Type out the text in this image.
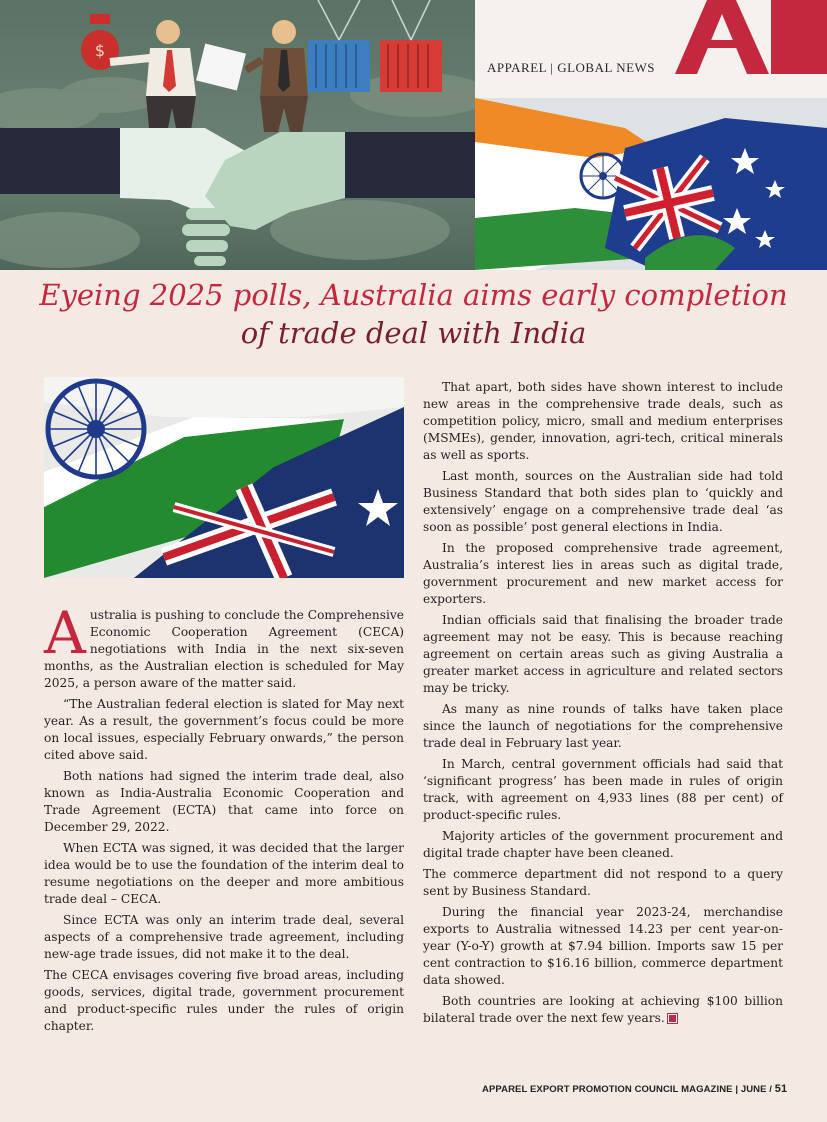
$
APPAREL | GLOBAL NEWS
Eyeing 2025 polls, Australia aims early completion
of trade deal with India

Australia is pushing to conclude the Comprehensive Economic Cooperation Agreement (CECA) negotiations with India in the next six-seven months, as the Australian election is scheduled for May 2025, a person aware of the matter said.

“The Australian federal election is slated for May next year. As a result, the government’s focus could be more on local issues, especially February onwards,” the person cited above said.

Both nations had signed the interim trade deal, also known as India-Australia Economic Cooperation and Trade Agreement (ECTA) that came into force on December 29, 2022.

When ECTA was signed, it was decided that the larger idea would be to use the foundation of the interim deal to resume negotiations on the deeper and more ambitious trade deal – CECA.

Since ECTA was only an interim trade deal, several aspects of a comprehensive trade agreement, including new-age trade issues, did not make it to the deal.

The CECA envisages covering five broad areas, including goods, services, digital trade, government procurement and product-specific rules under the rules of origin chapter.

That apart, both sides have shown interest to include new areas in the comprehensive trade deals, such as competition policy, micro, small and medium enterprises (MSMEs), gender, innovation, agri-tech, critical minerals as well as sports.

Last month, sources on the Australian side had told Business Standard that both sides plan to ‘quickly and extensively’ engage on a comprehensive trade deal ‘as soon as possible’ post general elections in India.

In the proposed comprehensive trade agreement, Australia’s interest lies in areas such as digital trade, government procurement and new market access for exporters.

Indian officials said that finalising the broader trade agreement may not be easy. This is because reaching agreement on certain areas such as giving Australia a greater market access in agriculture and related sectors may be tricky.

As many as nine rounds of talks have taken place since the launch of negotiations for the comprehensive trade deal in February last year.

In March, central government officials had said that ‘significant progress’ has been made in rules of origin track, with agreement on 4,933 lines (88 per cent) of product-specific rules.

Majority articles of the government procurement and digital trade chapter have been cleaned.

The commerce department did not respond to a query sent by Business Standard.

During the financial year 2023-24, merchandise exports to Australia witnessed 14.23 per cent year-on-year (Y-o-Y) growth at $7.94 billion. Imports saw 15 per cent contraction to $16.16 billion, commerce department data showed.

Both countries are looking at achieving $100 billion bilateral trade over the next few years.

APPAREL EXPORT PROMOTION COUNCIL MAGAZINE | JUNE / 51
